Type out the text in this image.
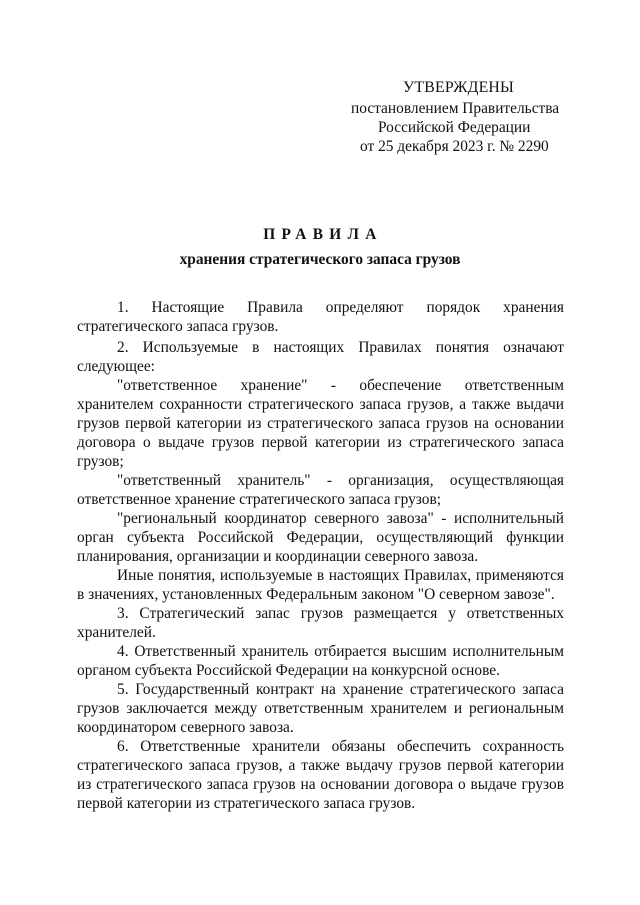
УТВЕРЖДЕНЫ
постановлением Правительства
Российской Федерации
от 25 декабря 2023 г. № 2290
ПРАВИЛА
хранения стратегического запаса грузов

1. Настоящие Правила определяют порядок хранения стратегического запаса грузов.

2. Используемые в настоящих Правилах понятия означают следующее:

"ответственное хранение" - обеспечение ответственным хранителем сохранности стратегического запаса грузов, а также выдачи грузов первой категории из стратегического запаса грузов на основании договора о выдаче грузов первой категории из стратегического запаса грузов;

"ответственный хранитель" - организация, осуществляющая ответственное хранение стратегического запаса грузов;

"региональный координатор северного завоза" - исполнительный орган субъекта Российской Федерации, осуществляющий функции планирования, организации и координации северного завоза.

Иные понятия, используемые в настоящих Правилах, применяются в значениях, установленных Федеральным законом "О северном завозе".

3. Стратегический запас грузов размещается у ответственных хранителей.

4. Ответственный хранитель отбирается высшим исполнительным органом субъекта Российской Федерации на конкурсной основе.

5. Государственный контракт на хранение стратегического запаса грузов заключается между ответственным хранителем и региональным координатором северного завоза.

6. Ответственные хранители обязаны обеспечить сохранность стратегического запаса грузов, а также выдачу грузов первой категории из стратегического запаса грузов на основании договора о выдаче грузов первой категории из стратегического запаса грузов.
